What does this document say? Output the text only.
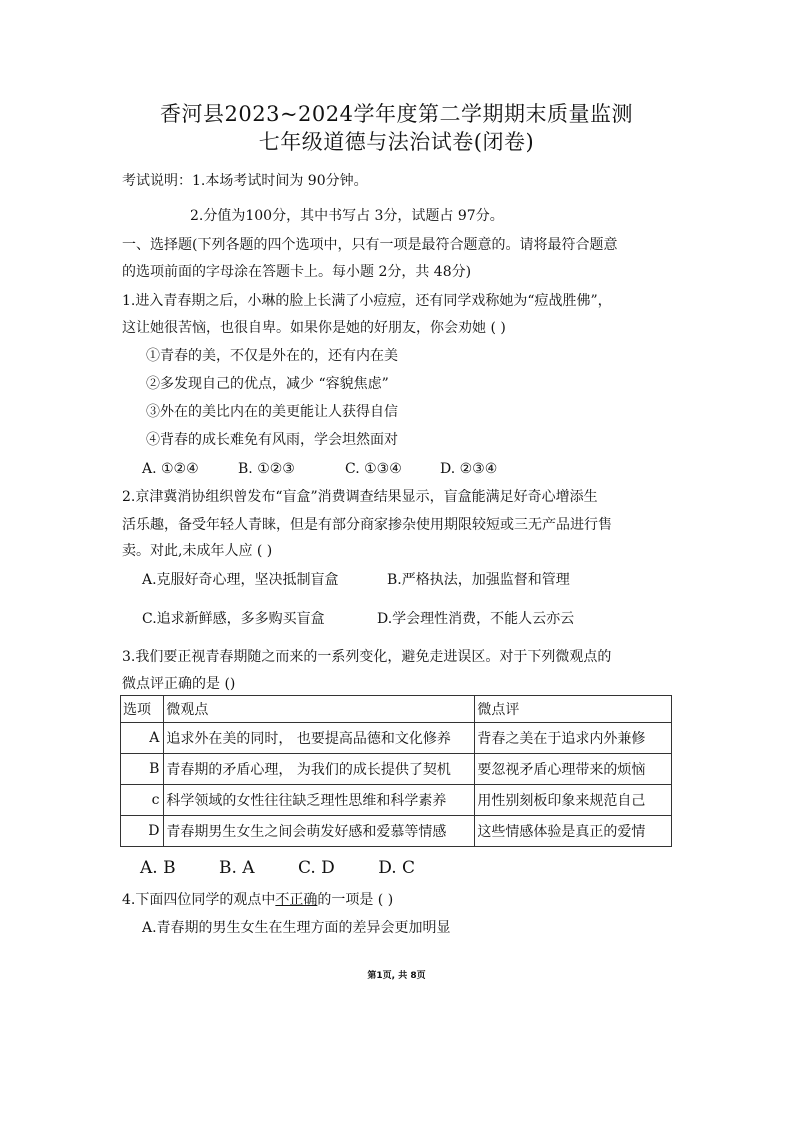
香河县2023~2024学年度第二学期期末质量监测
七年级道德与法治试卷(闭卷)
考试说明：1.本场考试时间为 90分钟。
2.分值为100分，其中书写占 3分，试题占 97分。
一、选择题(下列各题的四个选项中，只有一项是最符合题意的。请将最符合题意
的选项前面的字母涂在答题卡上。每小题 2分，共 48分)
1.进入青春期之后，小琳的脸上长满了小痘痘，还有同学戏称她为“痘战胜佛”，
这让她很苦恼，也很自卑。如果你是她的好朋友，你会劝她 ( )
①青春的美，不仅是外在的，还有内在美
②多发现自己的优点，减少 “容貌焦虑”
③外在的美比内在的美更能让人获得自信
④背春的成长难免有风雨，学会坦然面对
A. ①②④	B. ①②③	C. ①③④	D. ②③④
2.京津冀消协组织曾发布“盲盒”消费调查结果显示，盲盒能满足好奇心增添生
活乐趣，备受年轻人青睐，但是有部分商家掺杂使用期限较短或三无产品进行售
卖。对此,未成年人应 ( )
A.克服好奇心理，坚决抵制盲盒	B.严格执法，加强监督和管理
C.追求新鲜感，多多购买盲盒	D.学会理性消费，不能人云亦云
3.我们要正视青春期随之而来的一系列变化，避免走进误区。对于下列微观点的
微点评正确的是 ()
选项	微观点	微点评
A	追求外在美的同时， 也要提高品德和文化修养	背春之美在于追求内外兼修
B	青春期的矛盾心理， 为我们的成长提供了契机	要忽视矛盾心理带来的烦恼
c	科学领域的女性往往缺乏理性思维和科学素养	用性别刻板印象来规范自己
D	青春期男生女生之间会萌发好感和爱慕等情感	这些情感体验是真正的爱情
A. B	B. A	C. D	D. C
4.下面四位同学的观点中不正确的一项是 ( )
A.青春期的男生女生在生理方面的差异会更加明显
第1页, 共 8页
